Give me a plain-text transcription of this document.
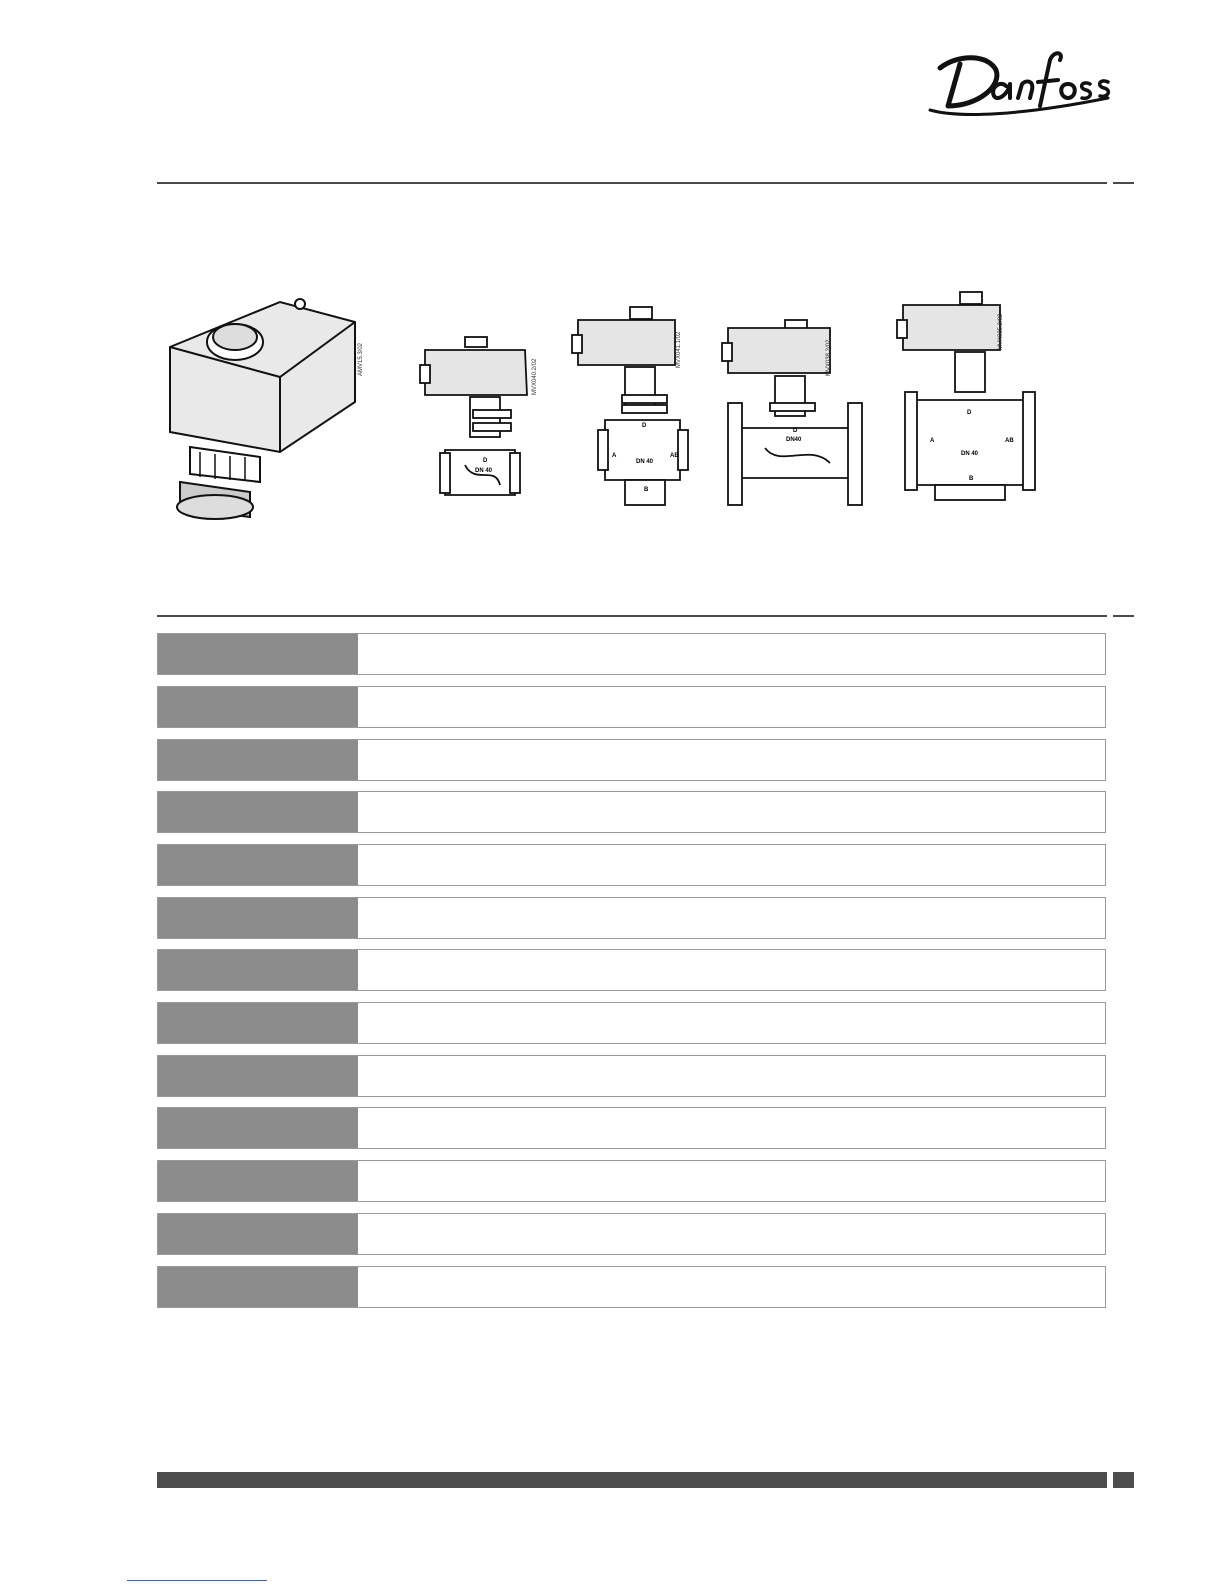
AMV15.3/02
D
DN 40
MVX040.2/02
D
A	AB
DN 40
B
MVX041.1/02
D
DN40
MVX038.2/02
D
A	AB
DN 40
B
MVX035.2/02
